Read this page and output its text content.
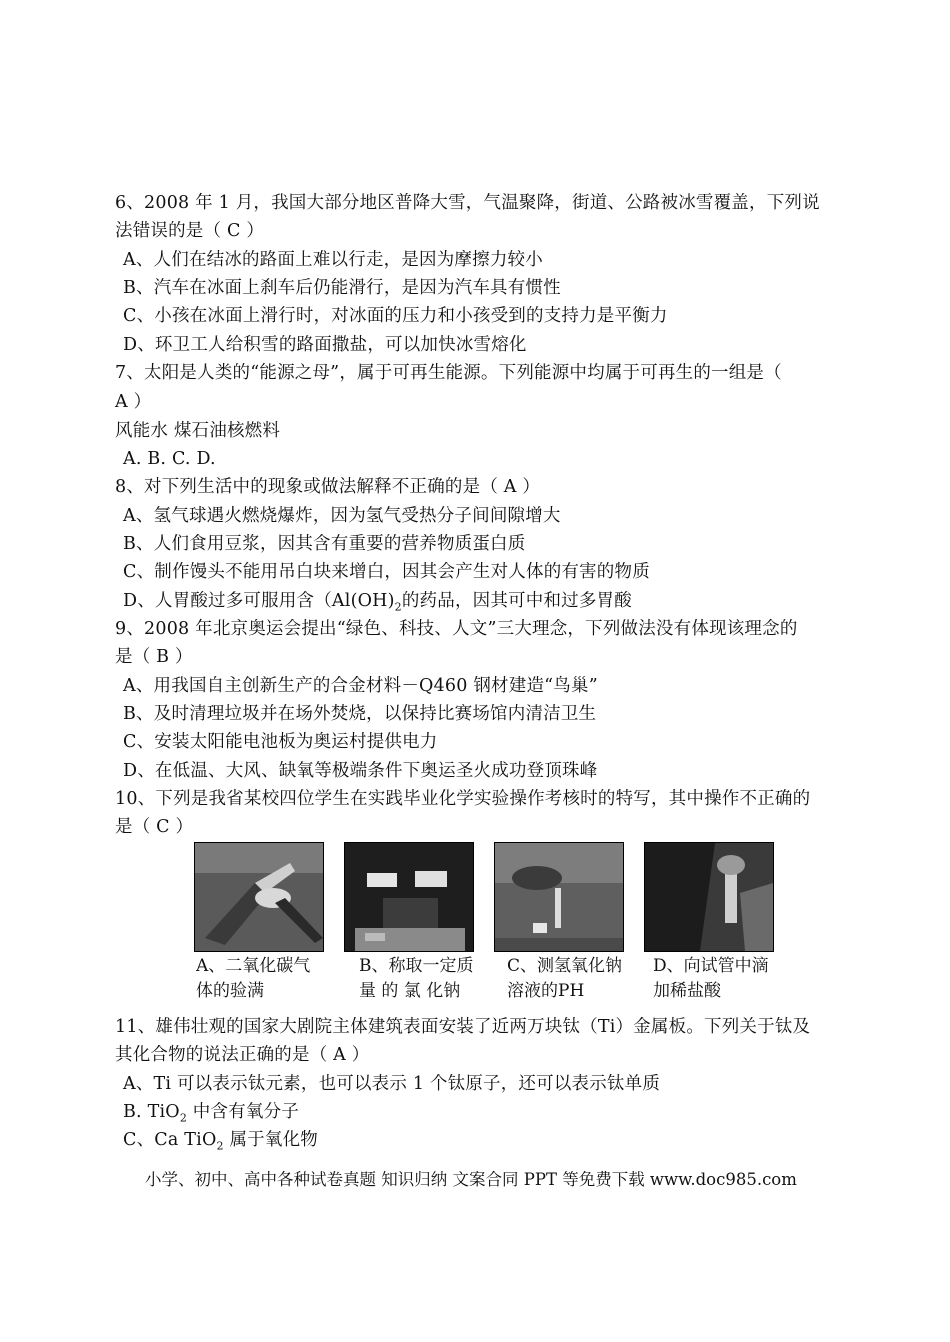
6、2008 年 1 月，我国大部分地区普降大雪，气温聚降，街道、公路被冰雪覆盖，下列说
法错误的是（ C ）
A、人们在结冰的路面上难以行走，是因为摩擦力较小
B、汽车在冰面上刹车后仍能滑行，是因为汽车具有惯性
C、小孩在冰面上滑行时，对冰面的压力和小孩受到的支持力是平衡力
D、环卫工人给积雪的路面撒盐，可以加快冰雪熔化
7、太阳是人类的“能源之母”，属于可再生能源。下列能源中均属于可再生的一组是（
A ）
风能水 煤石油核燃料
A. B. C. D.
8、对下列生活中的现象或做法解释不正确的是（ A ）
A、氢气球遇火燃烧爆炸，因为氢气受热分子间间隙增大
B、人们食用豆浆，因其含有重要的营养物质蛋白质
C、制作馒头不能用吊白块来增白，因其会产生对人体的有害的物质
D、人胃酸过多可服用含（$Al(OH)_2$的药品，因其可中和过多胃酸
9、2008 年北京奥运会提出“绿色、科技、人文”三大理念，下列做法没有体现该理念的
是（ B ）
A、用我国自主创新生产的合金材料－Q460 钢材建造“鸟巢”
B、及时清理垃圾并在场外焚烧，以保持比赛场馆内清洁卫生
C、安装太阳能电池板为奥运村提供电力
D、在低温、大风、缺氧等极端条件下奥运圣火成功登顶珠峰
10、下列是我省某校四位学生在实践毕业化学实验操作考核时的特写，其中操作不正确的
是（ C ）
A、二氧化碳气体的验满
B、称取一定质 量 的 氯 化钠
C、测氢氧化钠溶液的PH
D、向试管中滴加稀盐酸
11、雄伟壮观的国家大剧院主体建筑表面安装了近两万块钛（Ti）金属板。下列关于钛及
其化合物的说法正确的是（ A ）
A、Ti 可以表示钛元素，也可以表示 1 个钛原子，还可以表示钛单质
B. TiO$_2$ 中含有氧分子
C、Ca TiO$_2$ 属于氧化物
小学、初中、高中各种试卷真题 知识归纳 文案合同 PPT 等免费下载 www.doc985.com
